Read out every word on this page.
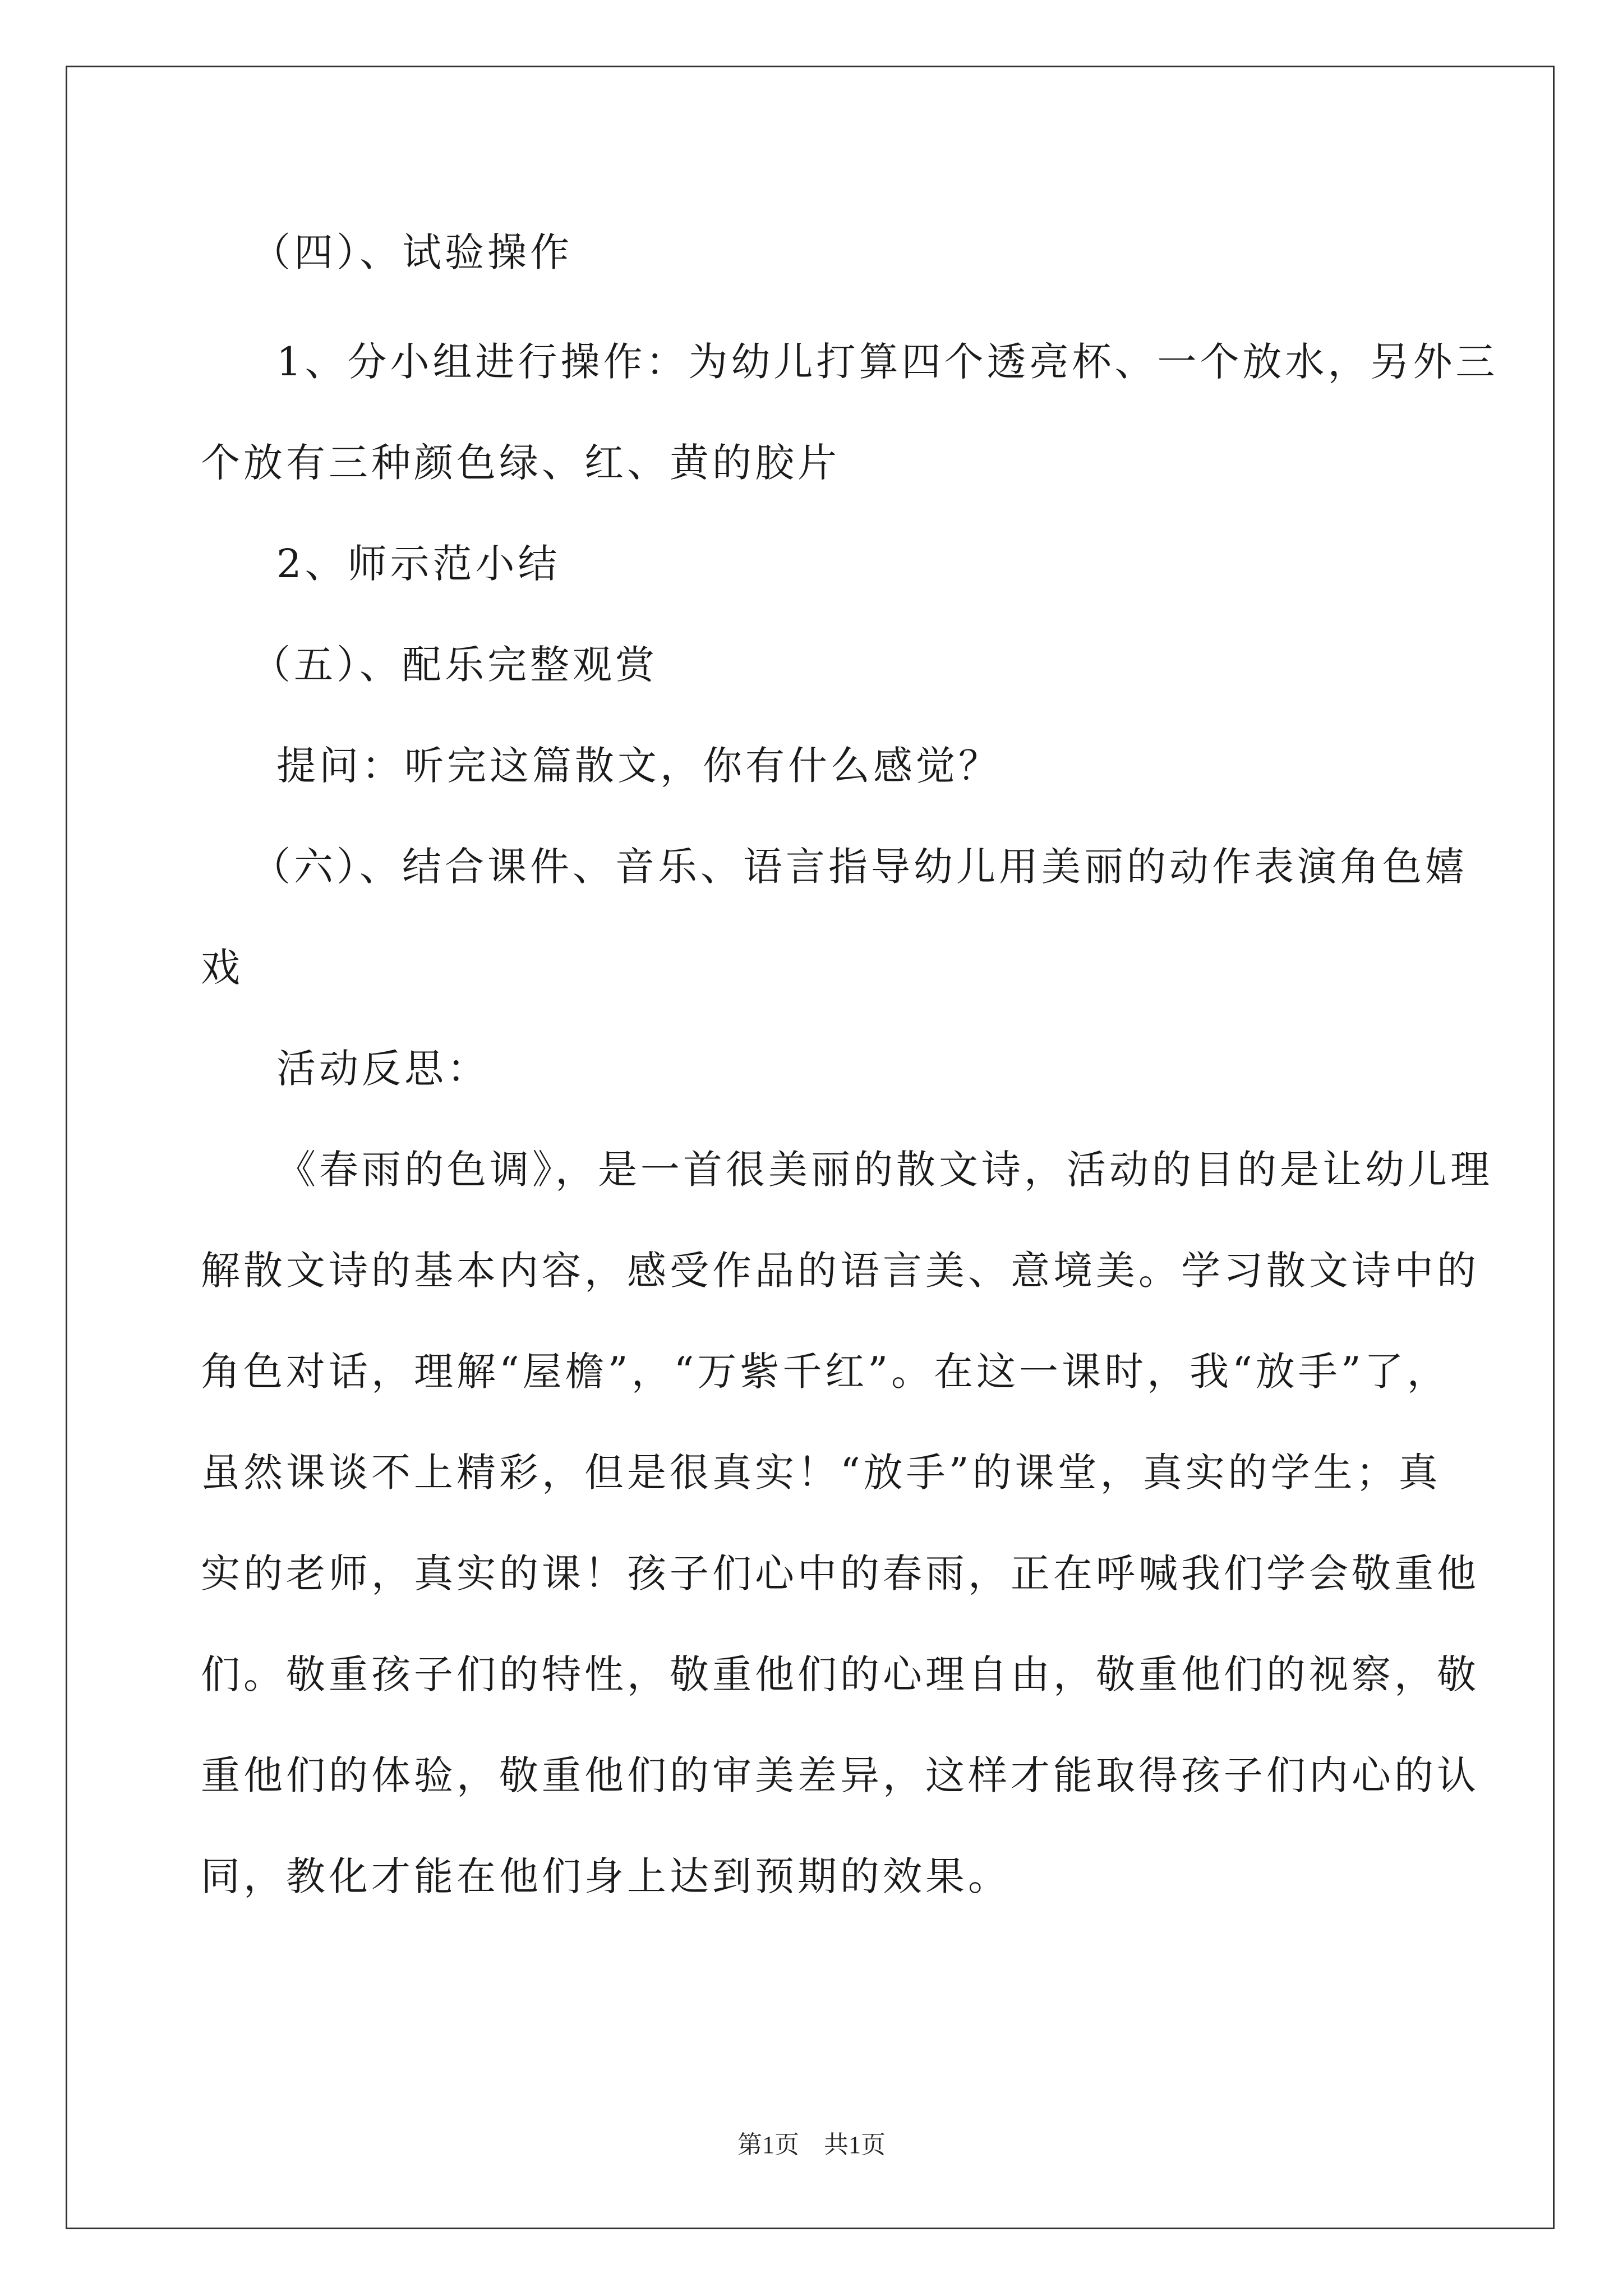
（四）、试验操作
1、分小组进行操作：为幼儿打算四个透亮杯、一个放水，另外三
个放有三种颜色绿、红、黄的胶片
2、师示范小结
（五）、配乐完整观赏
提问：听完这篇散文，你有什么感觉？
（六）、结合课件、音乐、语言指导幼儿用美丽的动作表演角色嬉
戏
活动反思：
《春雨的色调》，是一首很美丽的散文诗，活动的目的是让幼儿理
解散文诗的基本内容，感受作品的语言美、意境美。学习散文诗中的
角色对话，理解“屋檐”，“万紫千红”。在这一课时，我“放手”了，
虽然课谈不上精彩，但是很真实！“放手”的课堂，真实的学生；真
实的老师，真实的课！孩子们心中的春雨，正在呼喊我们学会敬重他
们。敬重孩子们的特性，敬重他们的心理自由，敬重他们的视察，敬
重他们的体验，敬重他们的审美差异，这样才能取得孩子们内心的认
同，教化才能在他们身上达到预期的效果。
第1页　共1页
